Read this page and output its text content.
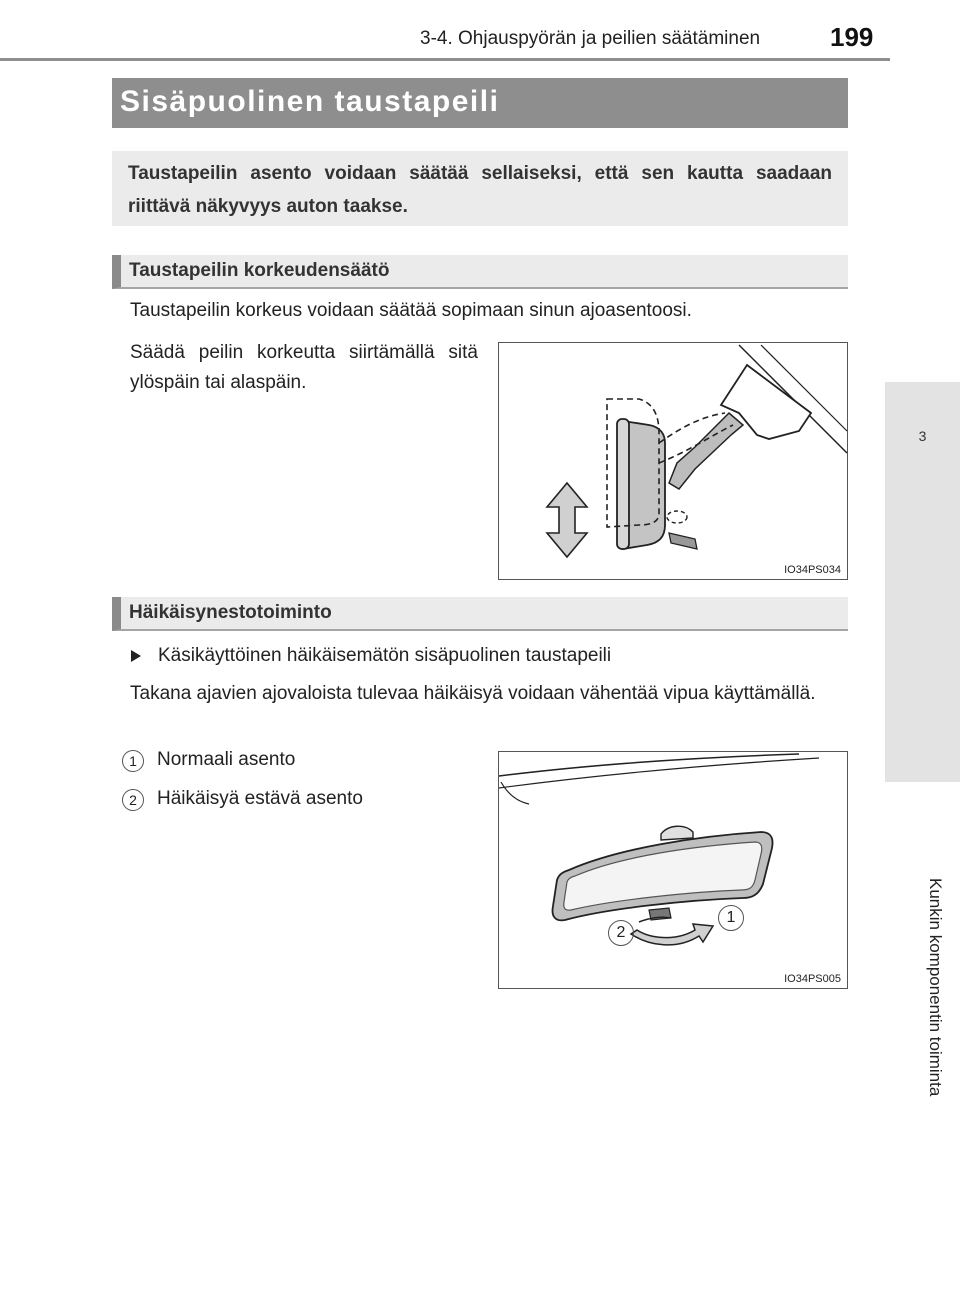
3-4. Ohjauspyörän ja peilien säätäminen	199
3
Kunkin komponentin toiminta
Sisäpuolinen taustapeili
Taustapeilin asento voidaan säätää sellaiseksi, että sen kautta saadaan riittävä näkyvyys auton taakse.
Taustapeilin korkeudensäätö
Taustapeilin korkeus voidaan säätää sopimaan sinun ajoasentoosi.
Säädä peilin korkeutta siirtämällä sitä ylöspäin tai alaspäin.
IO34PS034
Häikäisynestotoiminto
Käsikäyttöinen häikäisemätön sisäpuolinen taustapeili
Takana ajavien ajovaloista tulevaa häikäisyä voidaan vähentää vipua käyttämällä.
1	Normaali asento
2	Häikäisyä estävä asento
1
2
IO34PS005
